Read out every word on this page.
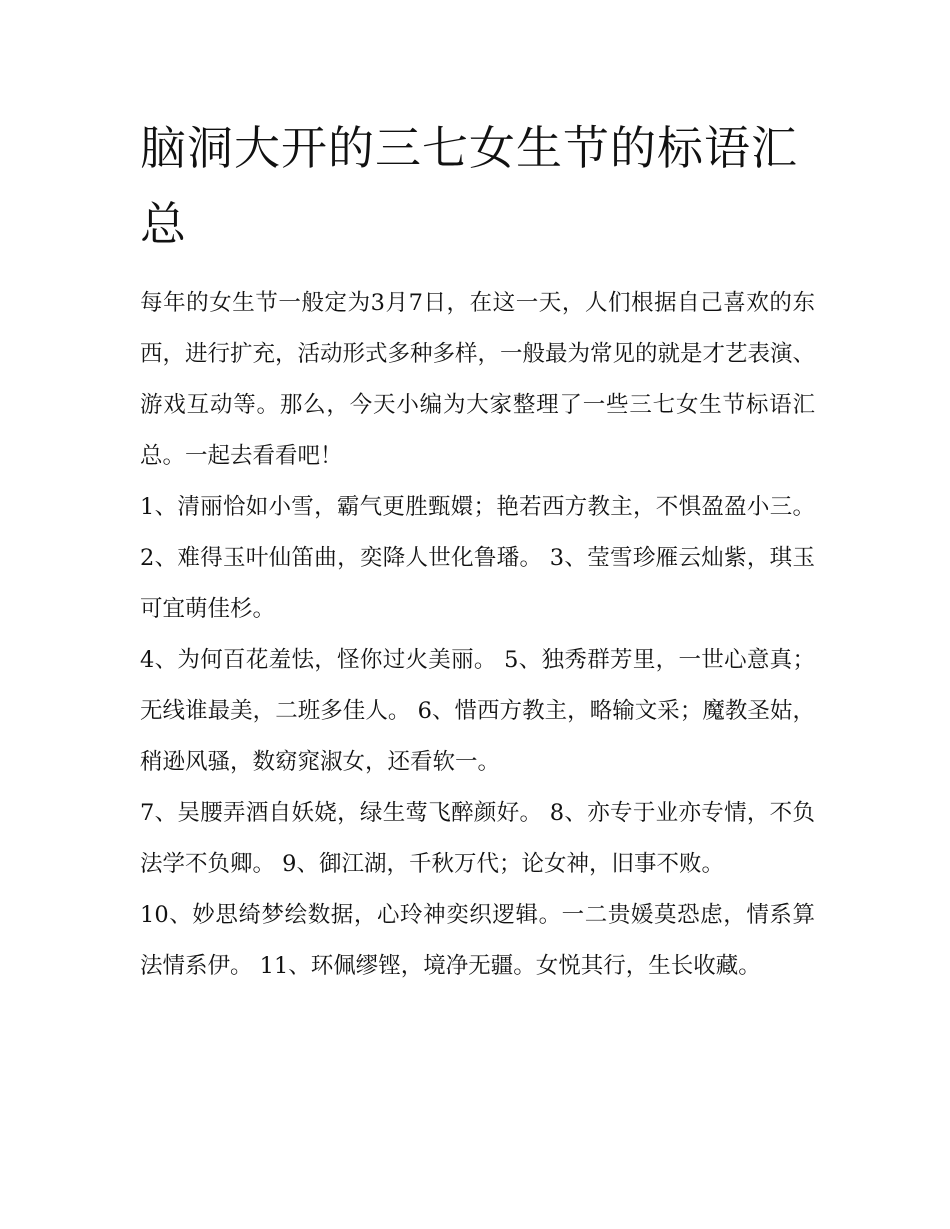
脑洞大开的三七女生节的标语汇总

每年的女生节一般定为3月7日，在这一天，人们根据自己喜欢的东西，进行扩充，活动形式多种多样，一般最为常见的就是才艺表演、游戏互动等。那么，今天小编为大家整理了一些三七女生节标语汇总。一起去看看吧！

1、清丽恰如小雪，霸气更胜甄嬛；艳若西方教主，不惧盈盈小三。 2、难得玉叶仙笛曲，奕降人世化鲁璠。 3、莹雪珍雁云灿紫，琪玉可宜萌佳杉。

4、为何百花羞怯，怪你过火美丽。 5、独秀群芳里，一世心意真；无线谁最美，二班多佳人。 6、惜西方教主，略输文采；魔教圣姑，稍逊风骚，数窈窕淑女，还看软一。

7、吴腰弄酒自妖娆，绿生莺飞醉颜好。 8、亦专于业亦专情，不负法学不负卿。 9、御江湖，千秋万代；论女神，旧事不败。

10、妙思绮梦绘数据，心玲神奕织逻辑。一二贵媛莫恐虑，情系算法情系伊。 11、环佩缪铿，境净无疆。女悦其行，生长收藏。
